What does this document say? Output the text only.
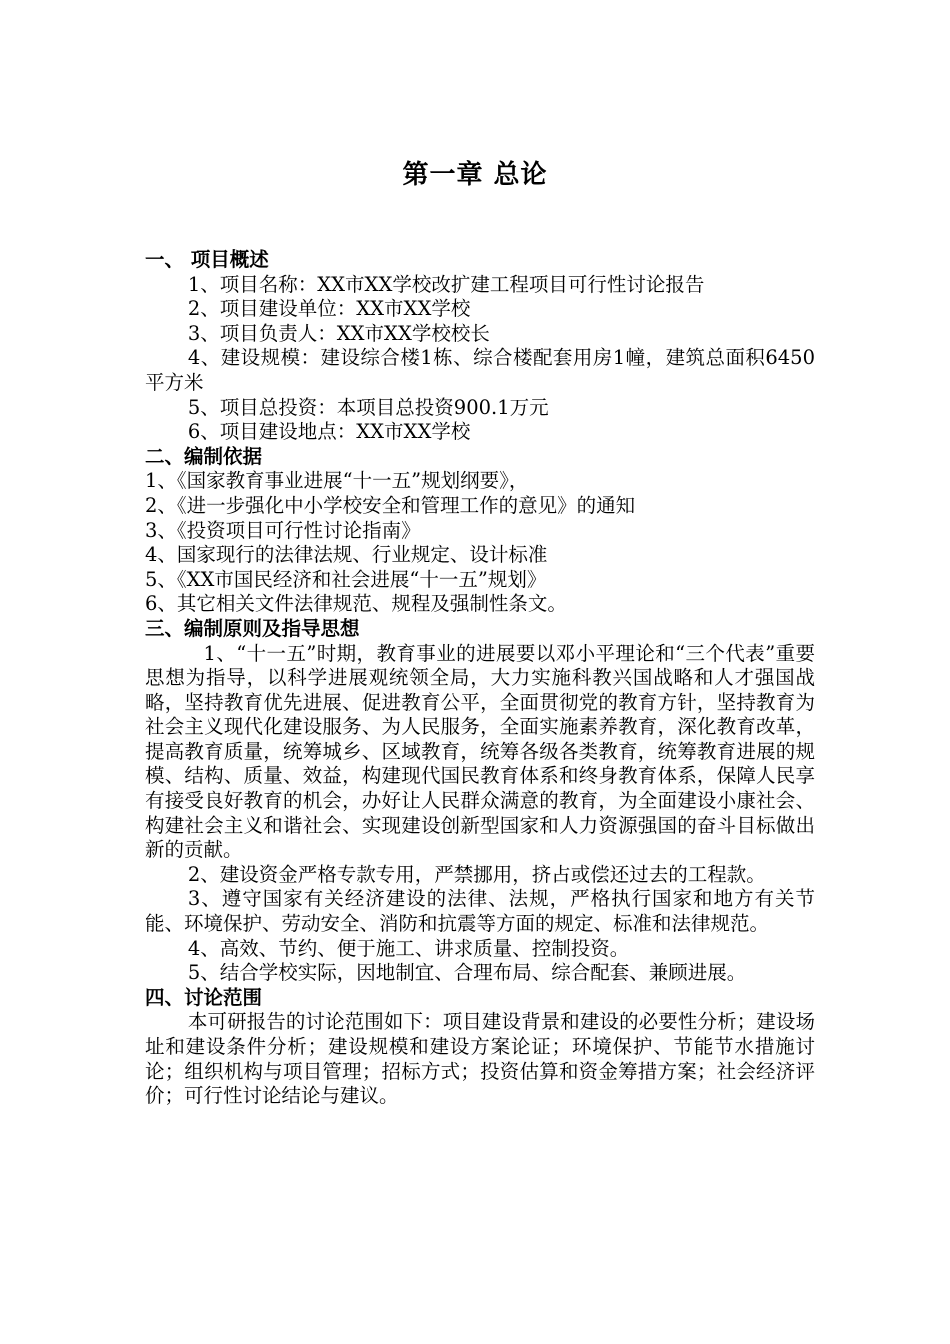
第一章 总论

一、 项目概述

1、项目名称：XX市XX学校改扩建工程项目可行性讨论报告

2、项目建设单位：XX市XX学校

3、项目负责人：XX市XX学校校长

4、建设规模：建设综合楼1栋、综合楼配套用房1幢，建筑总面积6450平方米

5、项目总投资：本项目总投资900.1万元

6、项目建设地点：XX市XX学校

二、编制依据

1、《国家教育事业进展“十一五”规划纲要》，

2、《进一步强化中小学校安全和管理工作的意见》的通知

3、《投资项目可行性讨论指南》

4、国家现行的法律法规、行业规定、设计标准

5、《XX市国民经济和社会进展“十一五”规划》

6、其它相关文件法律规范、规程及强制性条文。

三、编制原则及指导思想

1、“十一五”时期，教育事业的进展要以邓小平理论和“三个代表”重要思想为指导，以科学进展观统领全局，大力实施科教兴国战略和人才强国战略，坚持教育优先进展、促进教育公平，全面贯彻党的教育方针，坚持教育为社会主义现代化建设服务、为人民服务，全面实施素养教育，深化教育改革，提高教育质量，统筹城乡、区域教育，统筹各级各类教育，统筹教育进展的规模、结构、质量、效益，构建现代国民教育体系和终身教育体系，保障人民享有接受良好教育的机会，办好让人民群众满意的教育，为全面建设小康社会、构建社会主义和谐社会、实现建设创新型国家和人力资源强国的奋斗目标做出新的贡献。

2、建设资金严格专款专用，严禁挪用，挤占或偿还过去的工程款。

3、遵守国家有关经济建设的法律、法规，严格执行国家和地方有关节能、环境保护、劳动安全、消防和抗震等方面的规定、标准和法律规范。

4、高效、节约、便于施工、讲求质量、控制投资。

5、结合学校实际，因地制宜、合理布局、综合配套、兼顾进展。

四、讨论范围

本可研报告的讨论范围如下：项目建设背景和建设的必要性分析；建设场址和建设条件分析；建设规模和建设方案论证；环境保护、节能节水措施讨论；组织机构与项目管理；招标方式；投资估算和资金筹措方案；社会经济评价；可行性讨论结论与建议。
